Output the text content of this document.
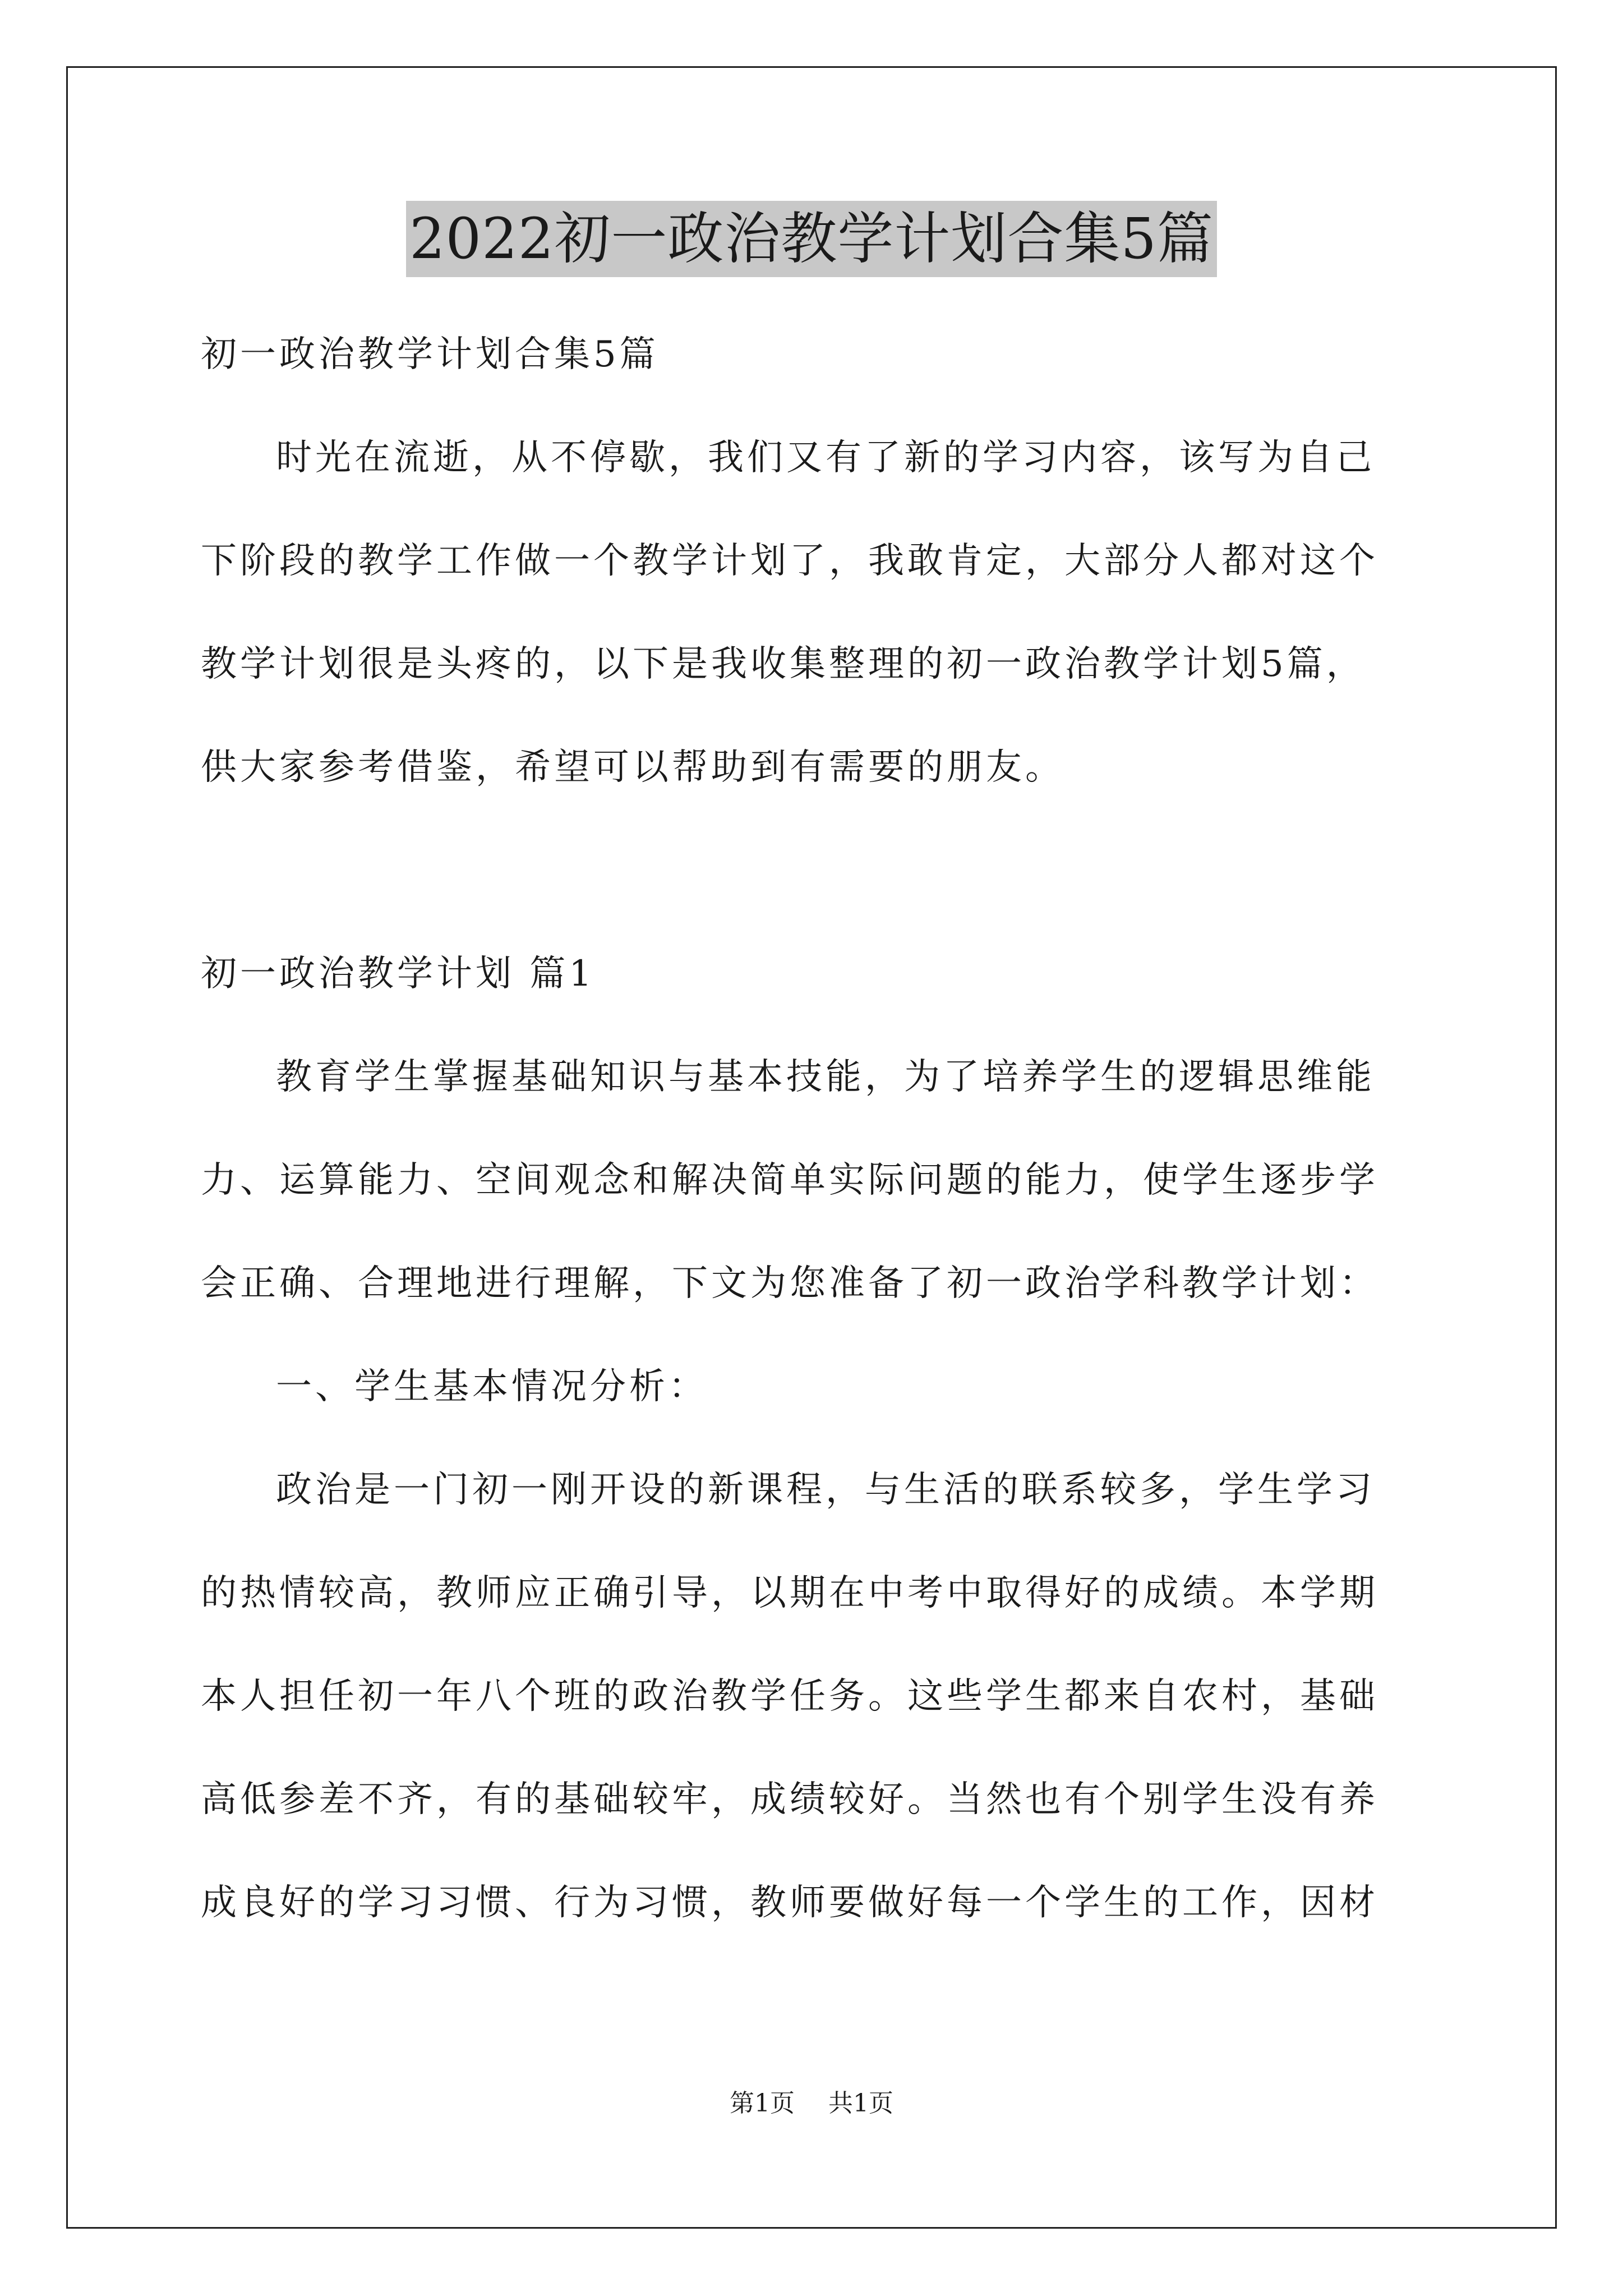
2022初一政治教学计划合集5篇
初一政治教学计划合集5篇
时光在流逝，从不停歇，我们又有了新的学习内容，该写为自己
下阶段的教学工作做一个教学计划了，我敢肯定，大部分人都对这个
教学计划很是头疼的，以下是我收集整理的初一政治教学计划5篇，
供大家参考借鉴，希望可以帮助到有需要的朋友。
初一政治教学计划 篇1
教育学生掌握基础知识与基本技能，为了培养学生的逻辑思维能
力、运算能力、空间观念和解决简单实际问题的能力，使学生逐步学
会正确、合理地进行理解，下文为您准备了初一政治学科教学计划：
一、学生基本情况分析：
政治是一门初一刚开设的新课程，与生活的联系较多，学生学习
的热情较高，教师应正确引导，以期在中考中取得好的成绩。本学期
本人担任初一年八个班的政治教学任务。这些学生都来自农村，基础
高低参差不齐，有的基础较牢，成绩较好。当然也有个别学生没有养
成良好的学习习惯、行为习惯，教师要做好每一个学生的工作，因材
第1页 共1页
